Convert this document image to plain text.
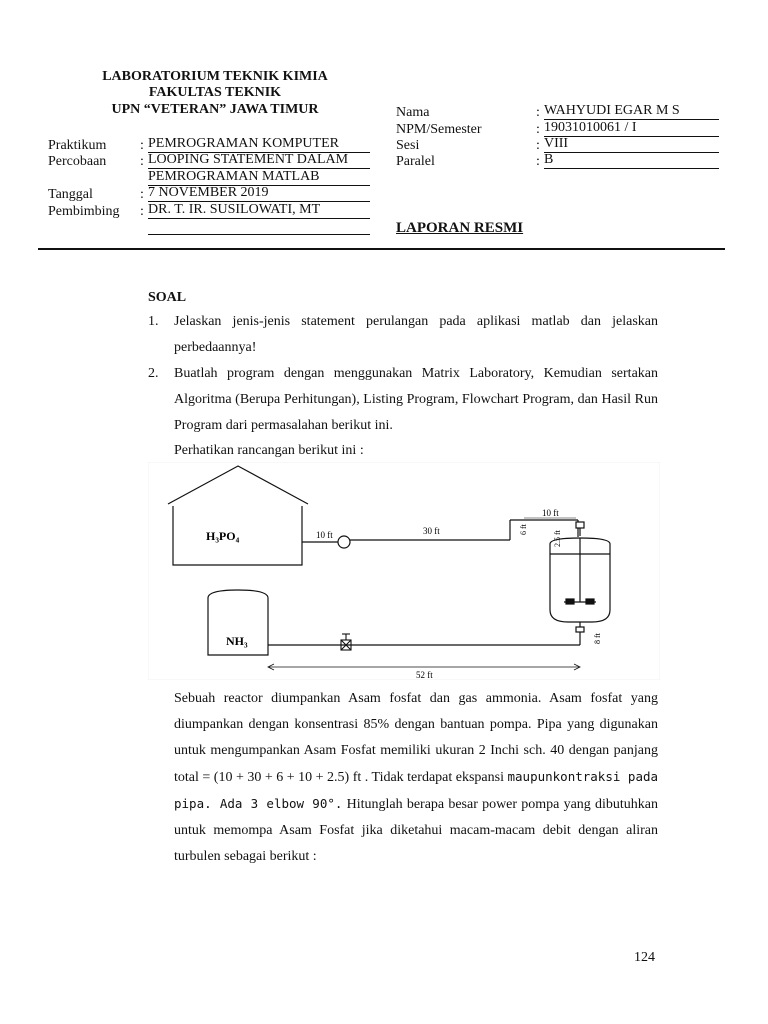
LABORATORIUM TEKNIK KIMIA
FAKULTAS TEKNIK
UPN “VETERAN” JAWA TIMUR
Praktikum : PEMROGRAMAN KOMPUTER
Percobaan : LOOPING STATEMENT DALAM
PEMROGRAMAN MATLAB
Tanggal	: 7 NOVEMBER 2019
Pembimbing : DR. T. IR. SUSILOWATI, MT
Nama	: WAHYUDI EGAR M S
NPM/Semester	: 19031010061 / I
Sesi	: VIII
Paralel	: B
LAPORAN RESMI
SOAL
1. Jelaskan jenis-jenis statement perulangan pada aplikasi matlab dan jelaskan perbedaannya!
2. Buatlah program dengan menggunakan Matrix Laboratory, Kemudian sertakan Algoritma (Berupa Perhitungan), Listing Program, Flowchart Program, dan Hasil Run Program dari permasalahan berikut ini.
Perhatikan rancangan berikut ini :
H₃PO₄	10 ft	30 ft	6 ft
10 ft
2.5 ft
NH₃	8 ft
52 ft
Sebuah reactor diumpankan Asam fosfat dan gas ammonia. Asam fosfat yang diumpankan dengan konsentrasi 85% dengan bantuan pompa. Pipa yang digunakan untuk mengumpankan Asam Fosfat memiliki ukuran 2 Inchi sch. 40 dengan panjang total = (10 + 30 + 6 + 10 + 2.5) ft . Tidak terdapat ekspansi maupunkontraksi pada pipa. Ada 3 elbow 90°. Hitunglah berapa besar power pompa yang dibutuhkan untuk memompa Asam Fosfat jika diketahui macam-macam debit dengan aliran turbulen sebagai berikut :
124
